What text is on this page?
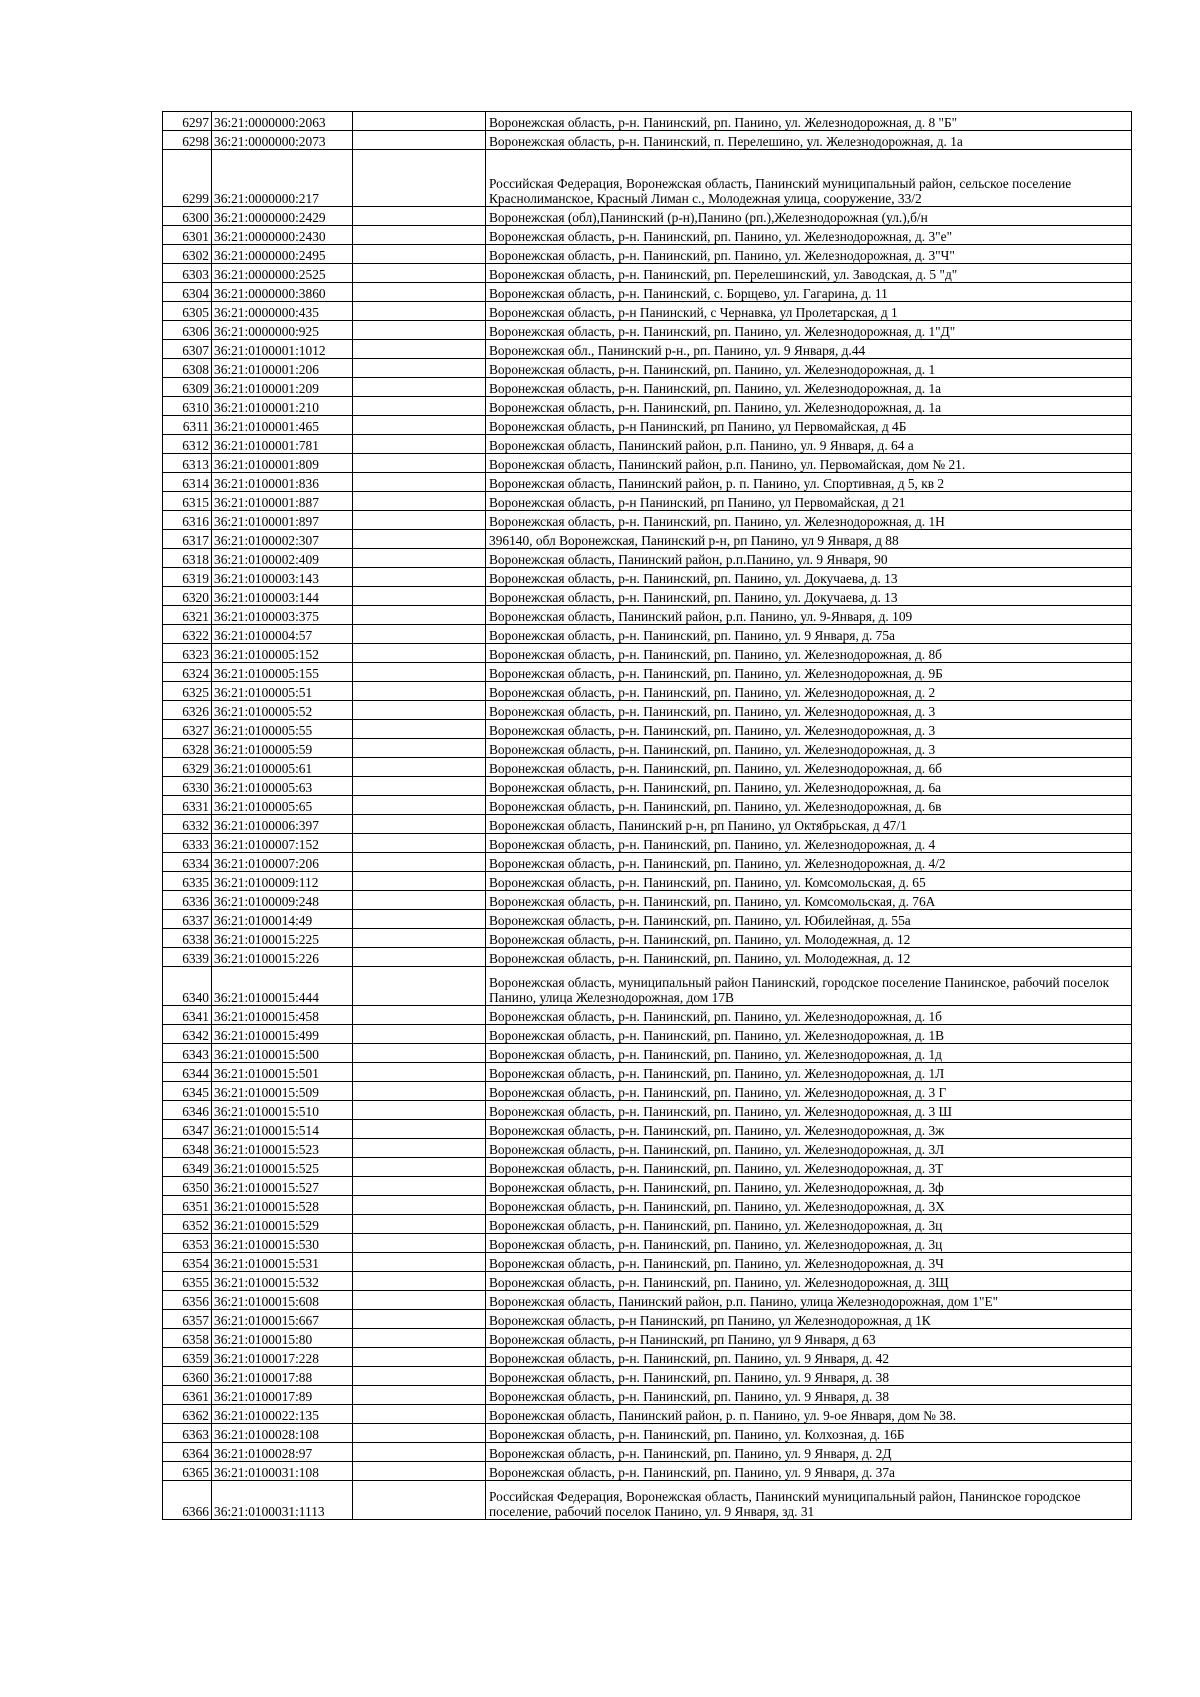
6297	36:21:0000000:2063		Воронежская область, р-н. Панинский, рп. Панино, ул. Железнодорожная, д. 8 "Б"
6298	36:21:0000000:2073		Воронежская область, р-н. Панинский, п. Перелешино, ул. Железнодорожная, д. 1а
6299	36:21:0000000:217		Российская Федерация, Воронежская область, Панинский муниципальный район, сельское поселение Краснолиманское, Красный Лиман с., Молодежная улица, сооружение, 33/2
6300	36:21:0000000:2429		Воронежская (обл),Панинский (р-н),Панино (рп.),Железнодорожная (ул.),б/н
6301	36:21:0000000:2430		Воронежская область, р-н. Панинский, рп. Панино, ул. Железнодорожная, д. 3"е"
6302	36:21:0000000:2495		Воронежская область, р-н. Панинский, рп. Панино, ул. Железнодорожная, д. 3"Ч"
6303	36:21:0000000:2525		Воронежская область, р-н. Панинский, рп. Перелешинский, ул. Заводская, д. 5 "д"
6304	36:21:0000000:3860		Воронежская область, р-н. Панинский, с. Борщево, ул. Гагарина, д. 11
6305	36:21:0000000:435		Воронежская область, р-н Панинский, с Чернавка, ул Пролетарская, д 1
6306	36:21:0000000:925		Воронежская область, р-н. Панинский, рп. Панино, ул. Железнодорожная, д. 1"Д"
6307	36:21:0100001:1012		Воронежская обл., Панинский р-н., рп. Панино, ул. 9 Января, д.44
6308	36:21:0100001:206		Воронежская область, р-н. Панинский, рп. Панино, ул. Железнодорожная, д. 1
6309	36:21:0100001:209		Воронежская область, р-н. Панинский, рп. Панино, ул. Железнодорожная, д. 1а
6310	36:21:0100001:210		Воронежская область, р-н. Панинский, рп. Панино, ул. Железнодорожная, д. 1а
6311	36:21:0100001:465		Воронежская область, р-н Панинский, рп Панино, ул Первомайская, д 4Б
6312	36:21:0100001:781		Воронежская область, Панинский район, р.п. Панино, ул. 9 Января, д. 64 а
6313	36:21:0100001:809		Воронежская область, Панинский район, р.п. Панино, ул. Первомайская, дом № 21.
6314	36:21:0100001:836		Воронежская область, Панинский район, р. п. Панино, ул. Спортивная, д 5, кв 2
6315	36:21:0100001:887		Воронежская область, р-н Панинский, рп Панино, ул Первомайская, д 21
6316	36:21:0100001:897		Воронежская область, р-н. Панинский, рп. Панино, ул. Железнодорожная, д. 1Н
6317	36:21:0100002:307		396140, обл Воронежская, Панинский р-н, рп Панино, ул 9 Января, д 88
6318	36:21:0100002:409		Воронежская область, Панинский район, р.п.Панино, ул. 9 Января, 90
6319	36:21:0100003:143		Воронежская область, р-н. Панинский, рп. Панино, ул. Докучаева, д. 13
6320	36:21:0100003:144		Воронежская область, р-н. Панинский, рп. Панино, ул. Докучаева, д. 13
6321	36:21:0100003:375		Воронежская область, Панинский район, р.п. Панино, ул. 9-Января, д. 109
6322	36:21:0100004:57		Воронежская область, р-н. Панинский, рп. Панино, ул. 9 Января, д. 75а
6323	36:21:0100005:152		Воронежская область, р-н. Панинский, рп. Панино, ул. Железнодорожная, д. 8б
6324	36:21:0100005:155		Воронежская область, р-н. Панинский, рп. Панино, ул. Железнодорожная, д. 9Б
6325	36:21:0100005:51		Воронежская область, р-н. Панинский, рп. Панино, ул. Железнодорожная, д. 2
6326	36:21:0100005:52		Воронежская область, р-н. Панинский, рп. Панино, ул. Железнодорожная, д. 3
6327	36:21:0100005:55		Воронежская область, р-н. Панинский, рп. Панино, ул. Железнодорожная, д. 3
6328	36:21:0100005:59		Воронежская область, р-н. Панинский, рп. Панино, ул. Железнодорожная, д. 3
6329	36:21:0100005:61		Воронежская область, р-н. Панинский, рп. Панино, ул. Железнодорожная, д. 6б
6330	36:21:0100005:63		Воронежская область, р-н. Панинский, рп. Панино, ул. Железнодорожная, д. 6а
6331	36:21:0100005:65		Воронежская область, р-н. Панинский, рп. Панино, ул. Железнодорожная, д. 6в
6332	36:21:0100006:397		Воронежская область, Панинский р-н, рп Панино, ул Октябрьская, д 47/1
6333	36:21:0100007:152		Воронежская область, р-н. Панинский, рп. Панино, ул. Железнодорожная, д. 4
6334	36:21:0100007:206		Воронежская область, р-н. Панинский, рп. Панино, ул. Железнодорожная, д. 4/2
6335	36:21:0100009:112		Воронежская область, р-н. Панинский, рп. Панино, ул. Комсомольская, д. 65
6336	36:21:0100009:248		Воронежская область, р-н. Панинский, рп. Панино, ул. Комсомольская, д. 76А
6337	36:21:0100014:49		Воронежская область, р-н. Панинский, рп. Панино, ул. Юбилейная, д. 55а
6338	36:21:0100015:225		Воронежская область, р-н. Панинский, рп. Панино, ул. Молодежная, д. 12
6339	36:21:0100015:226		Воронежская область, р-н. Панинский, рп. Панино, ул. Молодежная, д. 12
6340	36:21:0100015:444		Воронежская область, муниципальный район Панинский, городское поселение Панинское, рабочий поселок Панино, улица Железнодорожная, дом 17В
6341	36:21:0100015:458		Воронежская область, р-н. Панинский, рп. Панино, ул. Железнодорожная, д. 1б
6342	36:21:0100015:499		Воронежская область, р-н. Панинский, рп. Панино, ул. Железнодорожная, д. 1В
6343	36:21:0100015:500		Воронежская область, р-н. Панинский, рп. Панино, ул. Железнодорожная, д. 1д
6344	36:21:0100015:501		Воронежская область, р-н. Панинский, рп. Панино, ул. Железнодорожная, д. 1Л
6345	36:21:0100015:509		Воронежская область, р-н. Панинский, рп. Панино, ул. Железнодорожная, д. 3 Г
6346	36:21:0100015:510		Воронежская область, р-н. Панинский, рп. Панино, ул. Железнодорожная, д. 3 Ш
6347	36:21:0100015:514		Воронежская область, р-н. Панинский, рп. Панино, ул. Железнодорожная, д. 3ж
6348	36:21:0100015:523		Воронежская область, р-н. Панинский, рп. Панино, ул. Железнодорожная, д. 3Л
6349	36:21:0100015:525		Воронежская область, р-н. Панинский, рп. Панино, ул. Железнодорожная, д. 3Т
6350	36:21:0100015:527		Воронежская область, р-н. Панинский, рп. Панино, ул. Железнодорожная, д. 3ф
6351	36:21:0100015:528		Воронежская область, р-н. Панинский, рп. Панино, ул. Железнодорожная, д. 3Х
6352	36:21:0100015:529		Воронежская область, р-н. Панинский, рп. Панино, ул. Железнодорожная, д. 3ц
6353	36:21:0100015:530		Воронежская область, р-н. Панинский, рп. Панино, ул. Железнодорожная, д. 3ц
6354	36:21:0100015:531		Воронежская область, р-н. Панинский, рп. Панино, ул. Железнодорожная, д. 3Ч
6355	36:21:0100015:532		Воронежская область, р-н. Панинский, рп. Панино, ул. Железнодорожная, д. 3Щ
6356	36:21:0100015:608		Воронежская область, Панинский район, р.п. Панино, улица Железнодорожная, дом 1"Е"
6357	36:21:0100015:667		Воронежская область, р-н Панинский, рп Панино, ул Железнодорожная, д 1К
6358	36:21:0100015:80		Воронежская область, р-н Панинский, рп Панино, ул 9 Января, д 63
6359	36:21:0100017:228		Воронежская область, р-н. Панинский, рп. Панино, ул. 9 Января, д. 42
6360	36:21:0100017:88		Воронежская область, р-н. Панинский, рп. Панино, ул. 9 Января, д. 38
6361	36:21:0100017:89		Воронежская область, р-н. Панинский, рп. Панино, ул. 9 Января, д. 38
6362	36:21:0100022:135		Воронежская область, Панинский район, р. п. Панино, ул. 9-ое Января, дом № 38.
6363	36:21:0100028:108		Воронежская область, р-н. Панинский, рп. Панино, ул. Колхозная, д. 16Б
6364	36:21:0100028:97		Воронежская область, р-н. Панинский, рп. Панино, ул. 9 Января, д. 2Д
6365	36:21:0100031:108		Воронежская область, р-н. Панинский, рп. Панино, ул. 9 Января, д. 37а
6366	36:21:0100031:1113		Российская Федерация, Воронежская область, Панинский муниципальный район, Панинское городское поселение, рабочий поселок Панино, ул. 9 Января, зд. 31
